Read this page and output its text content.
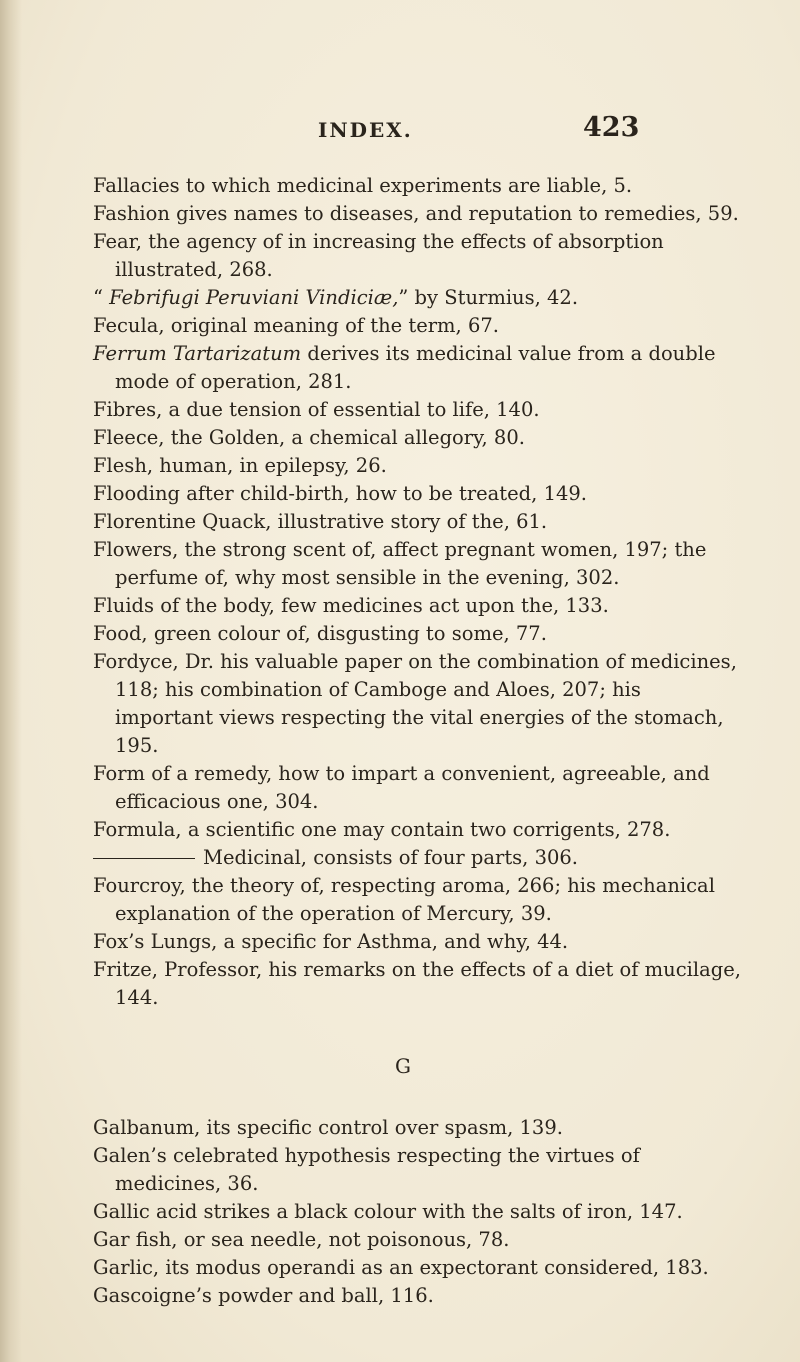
INDEX.	423

Fallacies to which medicinal experiments are liable, 5.

Fashion gives names to diseases, and reputation to remedies, 59.

Fear, the agency of in increasing the effects of absorption illustrated, 268.

“ Febrifugi Peruviani Vindiciæ,” by Sturmius, 42.

Fecula, original meaning of the term, 67.

Ferrum Tartarizatum derives its medicinal value from a double mode of operation, 281.

Fibres, a due tension of essential to life, 140.

Fleece, the Golden, a chemical allegory, 80.

Flesh, human, in epilepsy, 26.

Flooding after child-birth, how to be treated, 149.

Florentine Quack, illustrative story of the, 61.

Flowers, the strong scent of, affect pregnant women, 197; the perfume of, why most sensible in the evening, 302.

Fluids of the body, few medicines act upon the, 133.

Food, green colour of, disgusting to some, 77.

Fordyce, Dr. his valuable paper on the combination of medicines, 118; his combination of Camboge and Aloes, 207; his important views respecting the vital energies of the stomach, 195.

Form of a remedy, how to impart a convenient, agreeable, and efficacious one, 304.

Formula, a scientific one may contain two corrigents, 278.

Medicinal, consists of four parts, 306.

Fourcroy, the theory of, respecting aroma, 266; his mechanical explanation of the operation of Mercury, 39.

Fox’s Lungs, a specific for Asthma, and why, 44.

Fritze, Professor, his remarks on the effects of a diet of mucilage, 144.

G

Galbanum, its specific control over spasm, 139.

Galen’s celebrated hypothesis respecting the virtues of medicines, 36.

Gallic acid strikes a black colour with the salts of iron, 147.

Gar fish, or sea needle, not poisonous, 78.

Garlic, its modus operandi as an expectorant considered, 183.

Gascoigne’s powder and ball, 116.
